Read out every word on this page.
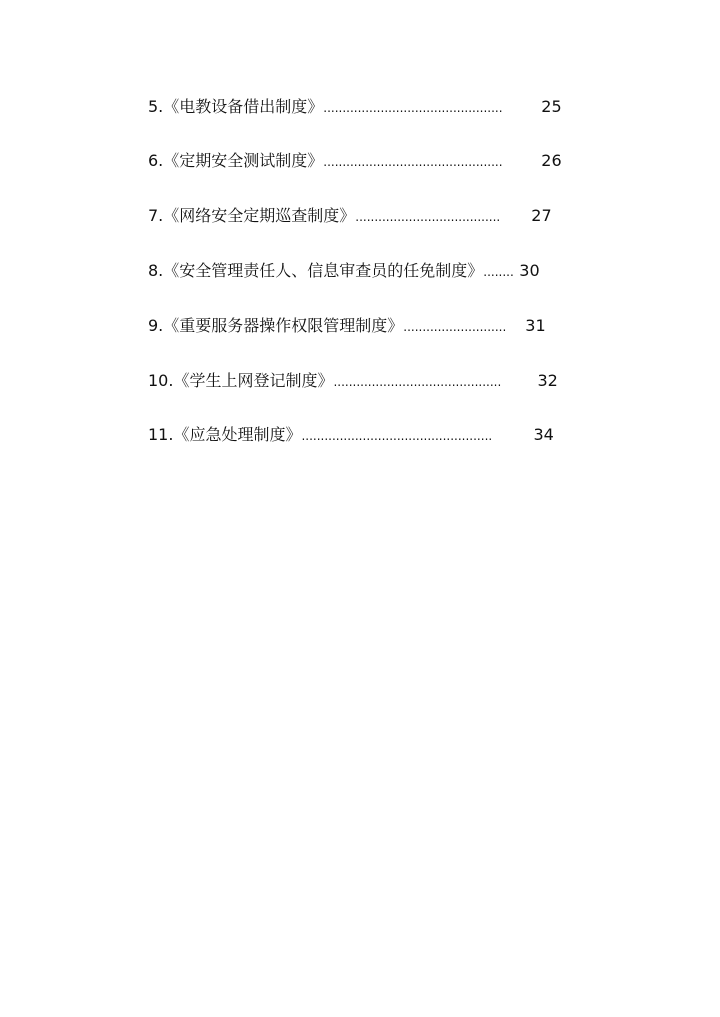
5. 《电教设备借出制度》 ...............................................	25
6. 《定期安全测试制度》 ...............................................	26
7. 《网络安全定期巡查制度》 ......................................	27
8. 《安全管理责任人、信息审查员的任免制度》 ........ 30
9. 《重要服务器操作权限管理制度》 ...........................	31
10. 《学生上网登记制度》 ............................................	32
11. 《应急处理制度》 ..................................................	34
